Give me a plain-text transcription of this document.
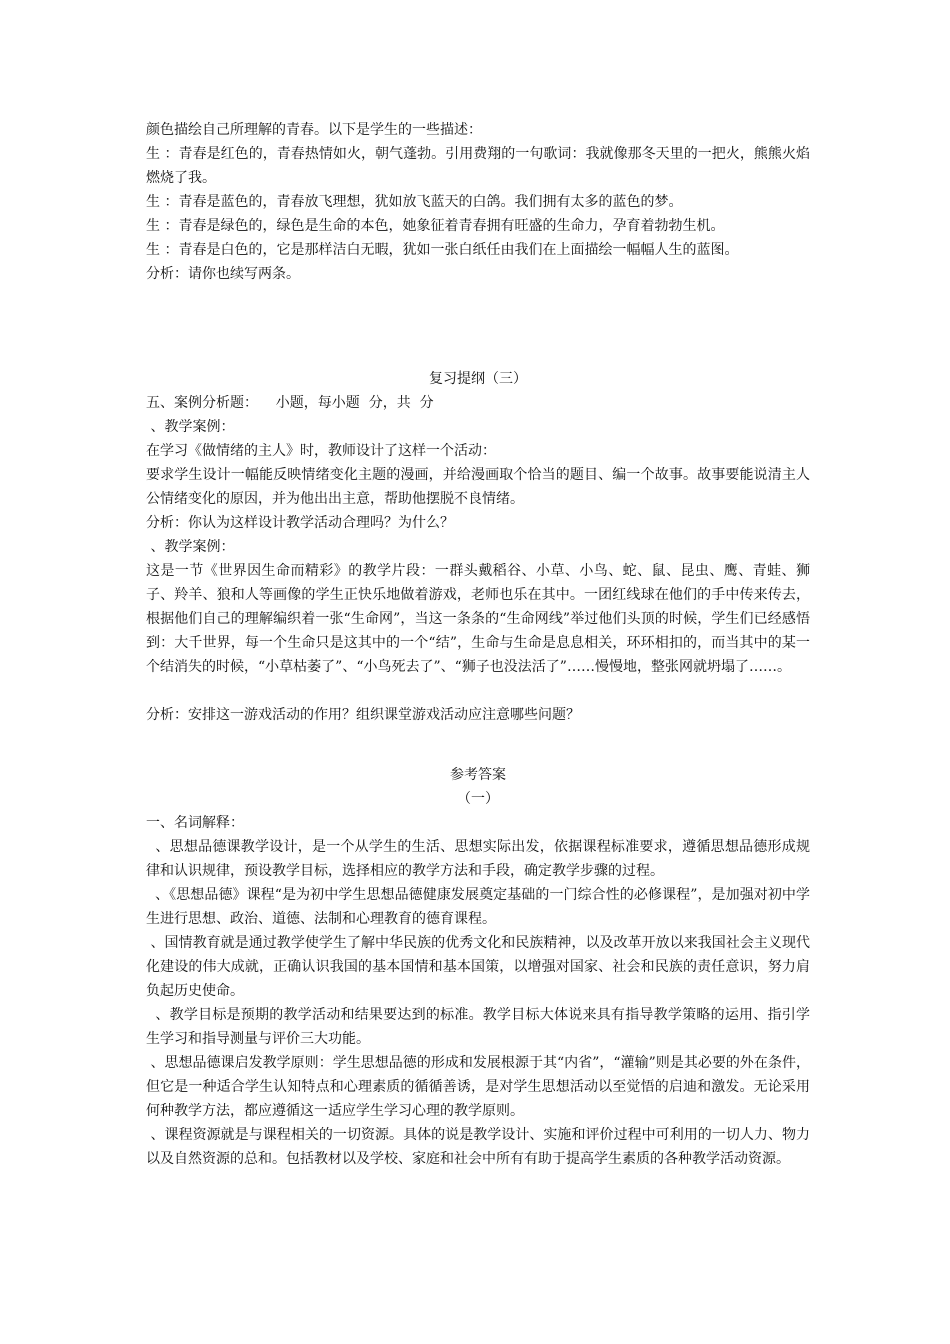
颜色描绘自己所理解的青春。以下是学生的一些描述：
生 ：青春是红色的，青春热情如火，朝气蓬勃。引用费翔的一句歌词：我就像那冬天里的一把火，熊熊火焰燃烧了我。
生 ：青春是蓝色的，青春放飞理想，犹如放飞蓝天的白鸽。我们拥有太多的蓝色的梦。
生 ：青春是绿色的，绿色是生命的本色，她象征着青春拥有旺盛的生命力，孕育着勃勃生机。
生 ：青春是白色的，它是那样洁白无暇，犹如一张白纸任由我们在上面描绘一幅幅人生的蓝图。
分析：请你也续写两条。
复习提纲（三）
五、案例分析题：    小题，每小题  分，共  分
、教学案例：
在学习《做情绪的主人》时，教师设计了这样一个活动：
要求学生设计一幅能反映情绪变化主题的漫画，并给漫画取个恰当的题目、编一个故事。故事要能说清主人公情绪变化的原因，并为他出出主意，帮助他摆脱不良情绪。
分析：你认为这样设计教学活动合理吗？为什么？
、教学案例：
这是一节《世界因生命而精彩》的教学片段：一群头戴稻谷、小草、小鸟、蛇、鼠、昆虫、鹰、青蛙、狮子、羚羊、狼和人等画像的学生正快乐地做着游戏，老师也乐在其中。一团红线球在他们的手中传来传去，根据他们自己的理解编织着一张“生命网”，当这一条条的“生命网线”举过他们头顶的时候，学生们已经感悟到：大千世界，每一个生命只是这其中的一个“结”，生命与生命是息息相关，环环相扣的，而当其中的某一个结消失的时候，“小草枯萎了”、“小鸟死去了”、“狮子也没法活了”……慢慢地，整张网就坍塌了……。
分析：安排这一游戏活动的作用？组织课堂游戏活动应注意哪些问题？
参考答案
（一）
一、名词解释：
、思想品德课教学设计，是一个从学生的生活、思想实际出发，依据课程标准要求，遵循思想品德形成规律和认识规律，预设教学目标，选择相应的教学方法和手段，确定教学步骤的过程。
、《思想品德》课程“是为初中学生思想品德健康发展奠定基础的一门综合性的必修课程”，是加强对初中学生进行思想、政治、道德、法制和心理教育的德育课程。
、国情教育就是通过教学使学生了解中华民族的优秀文化和民族精神，以及改革开放以来我国社会主义现代化建设的伟大成就，正确认识我国的基本国情和基本国策，以增强对国家、社会和民族的责任意识，努力肩负起历史使命。
、教学目标是预期的教学活动和结果要达到的标准。教学目标大体说来具有指导教学策略的运用、指引学生学习和指导测量与评价三大功能。
、思想品德课启发教学原则：学生思想品德的形成和发展根源于其“内省”，“灌输”则是其必要的外在条件，但它是一种适合学生认知特点和心理素质的循循善诱，是对学生思想活动以至觉悟的启迪和激发。无论采用何种教学方法，都应遵循这一适应学生学习心理的教学原则。
、课程资源就是与课程相关的一切资源。具体的说是教学设计、实施和评价过程中可利用的一切人力、物力以及自然资源的总和。包括教材以及学校、家庭和社会中所有有助于提高学生素质的各种教学活动资源。
